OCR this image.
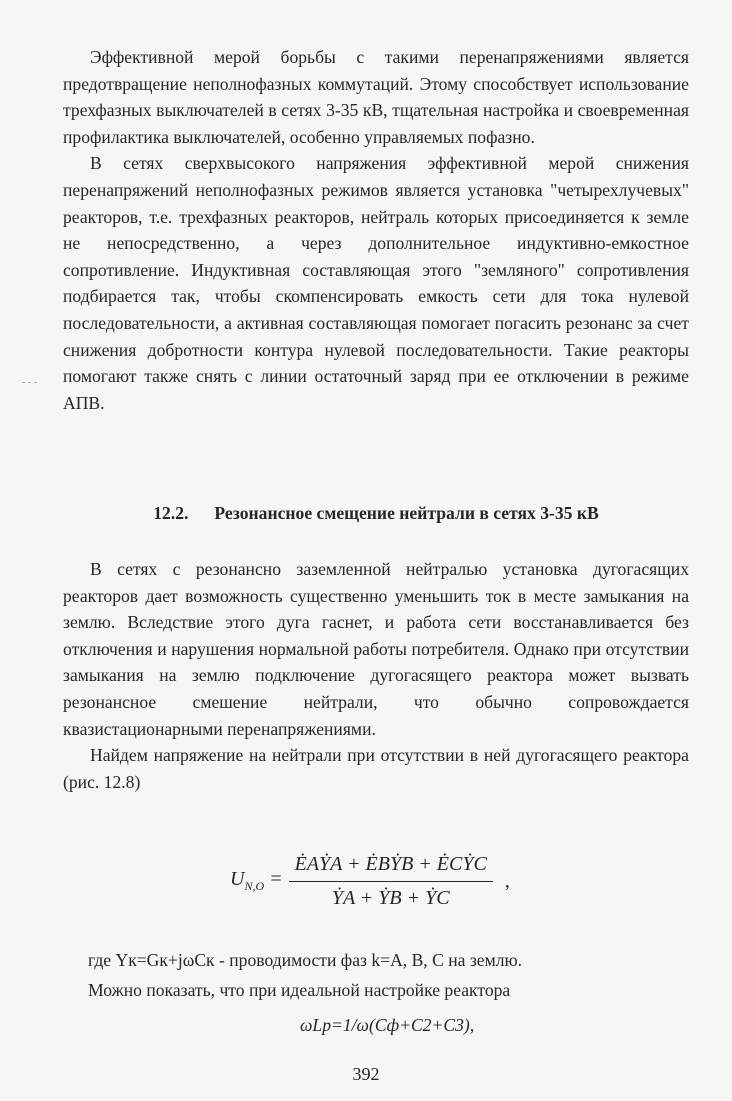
Эффективной мерой борьбы с такими перенапряжениями является предотвращение неполнофазных коммутаций. Этому способствует использование трехфазных выключателей в сетях 3-35 кВ, тщательная настройка и своевременная профилактика выключателей, особенно управляемых пофазно.

В сетях сверхвысокого напряжения эффективной мерой снижения перенапряжений неполнофазных режимов является установка "четырехлучевых" реакторов, т.е. трехфазных реакторов, нейтраль которых присоединяется к земле не непосредственно, а через дополнительное индуктивно-емкостное сопротивление. Индуктивная составляющая этого "земляного" сопротивления подбирается так, чтобы скомпенсировать емкость сети для тока нулевой последовательности, а активная составляющая помогает погасить резонанс за счет снижения добротности контура нулевой последовательности. Такие реакторы помогают также снять с линии остаточный заряд при ее отключении в режиме АПВ.

12.2. Резонансное смещение нейтрали в сетях 3-35 кВ

В сетях с резонансно заземленной нейтралью установка дугогасящих реакторов дает возможность существенно уменьшить ток в месте замыкания на землю. Вследствие этого дуга гаснет, и работа сети восстанавливается без отключения и нарушения нормальной работы потребителя. Однако при отсутствии замыкания на землю подключение дугогасящего реактора может вызвать резонансное смешение нейтрали, что обычно сопровождается квазистационарными перенапряжениями.

Найдем напряжение на нейтрали при отсутствии в ней дугогасящего реактора (рис. 12.8)

$U_{N,O} = \frac{\text{ĖAẎA + ĖBẎB + ĖCẎC}}{\text{ẎA + ẎB + ẎC}}$ ,
где Yк=Gк+jωCк - проводимости фаз k=A, B, C на землю.
Можно показать, что при идеальной настройке реактора
ωLp=1/ω(Cф+C2+C3),
392
